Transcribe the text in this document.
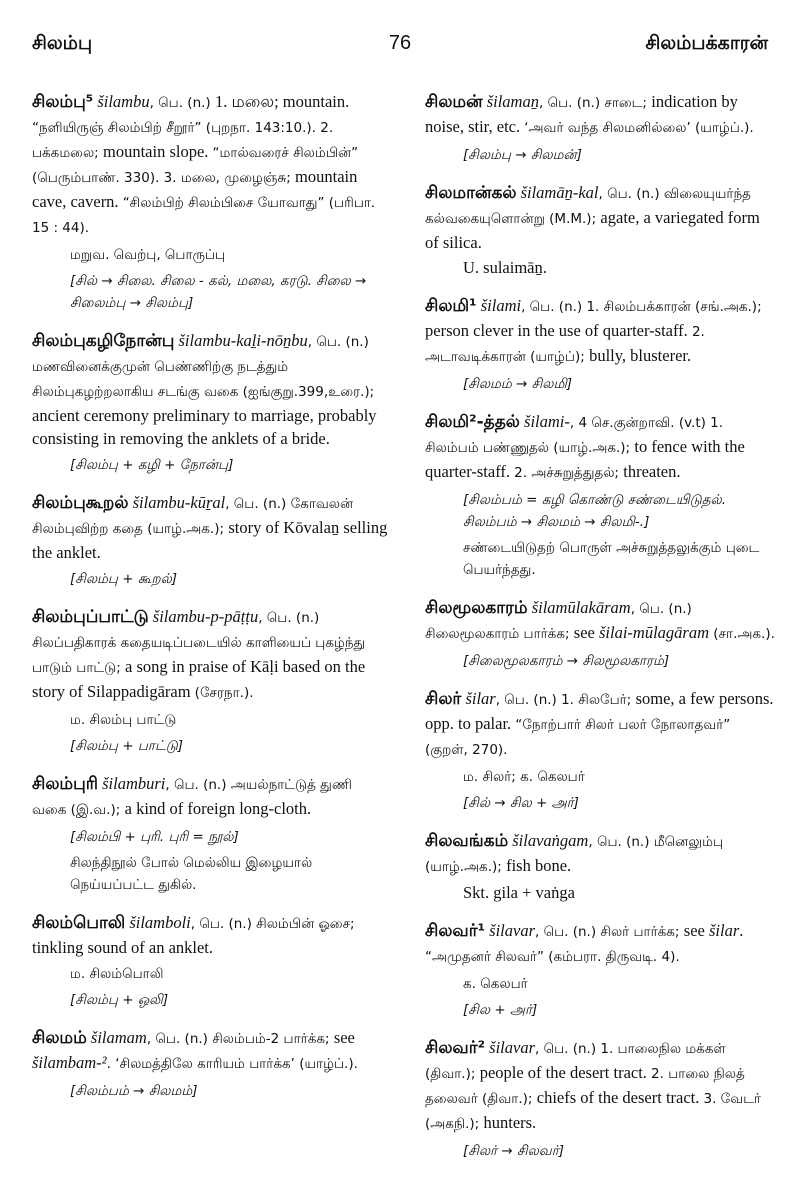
சிலம்பு	76	சிலம்பக்காரன்

சிலம்பு⁵ šilambu, பெ. (n.) 1. மலை; mountain. “நளியிருஞ் சிலம்பிற் சீறூர்” (புறநா. 143:10.). 2. பக்கமலை; mountain slope. “மால்வரைச் சிலம்பின்” (பெரும்பாண். 330). 3. மலை, முழைஞ்சு; mountain cave, cavern. “சிலம்பிற் சிலம்பிசை யோவாது” (பரிபா. 15 : 44).

மறுவ. வெற்பு, பொருப்பு
[சில் → சிலை. சிலை - கல், மலை, கரடு. சிலை → சிலைம்பு → சிலம்பு]

சிலம்புகழிநோன்பு šilambu-kaḻi-nōṉbu, பெ. (n.) மணவினைக்குமுன் பெண்ணிற்கு நடத்தும் சிலம்புகழற்றலாகிய சடங்கு வகை (ஐங்குறு.399,உரை.); ancient ceremony preliminary to marriage, probably consisting in removing the anklets of a bride.

[சிலம்பு + கழி + நோன்பு]

சிலம்புகூறல் šilambu-kūṟal, பெ. (n.) கோவலன் சிலம்புவிற்ற கதை (யாழ்.அக.); story of Kōvalaṉ selling the anklet.

[சிலம்பு + கூறல்]

சிலம்புப்பாட்டு šilambu-p-pāṭṭu, பெ. (n.) சிலப்பதிகாரக் கதையடிப்படையில் காளியைப் புகழ்ந்து பாடும் பாட்டு; a song in praise of Kāḷi based on the story of Silappadigāram (சேரநா.).

ம. சிலம்பு பாட்டு
[சிலம்பு + பாட்டு]

சிலம்புரி šilamburi, பெ. (n.) அயல்நாட்டுத் துணி வகை (இ.வ.); a kind of foreign long-cloth.

[சிலம்பி + புரி. புரி = நூல்]
சிலந்திநூல் போல் மெல்லிய இழையால் நெய்யப்பட்ட துகில்.

சிலம்பொலி šilamboli, பெ. (n.) சிலம்பின் ஓசை; tinkling sound of an anklet.

ம. சிலம்பொலி
[சிலம்பு + ஒலி]

சிலமம் šilamam, பெ. (n.) சிலம்பம்-2 பார்க்க; see šilambam-². ‘சிலமத்திலே காரியம் பார்க்க’ (யாழ்ப்.).

[சிலம்பம் → சிலமம்]

சிலமன் šilamaṉ, பெ. (n.) சாடை; indication by noise, stir, etc. ‘அவர் வந்த சிலமனில்லை’ (யாழ்ப்.).

[சிலம்பு → சிலமன்]

சிலமான்கல் šilamāṉ-kal, பெ. (n.) விலையுயர்ந்த கல்வகையுளொன்று (M.M.); agate, a variegated form of silica.

U. sulaimāṉ.

சிலமி¹ šilami, பெ. (n.) 1. சிலம்பக்காரன் (சங்.அக.); person clever in the use of quarter-staff. 2. அடாவடிக்காரன் (யாழ்ப்); bully, blusterer.

[சிலமம் → சிலமி]

சிலமி²-த்தல் šilami-, 4 செ.குன்றாவி. (v.t) 1. சிலம்பம் பண்ணுதல் (யாழ்.அக.); to fence with the quarter-staff. 2. அச்சுறுத்துதல்; threaten.

[சிலம்பம் = கழி கொண்டு சண்டையிடுதல். சிலம்பம் → சிலமம் → சிலமி-.]
சண்டையிடுதற் பொருள் அச்சுறுத்தலுக்கும் புடை பெயர்ந்தது.

சிலமூலகாரம் šilamūlakāram, பெ. (n.) சிலைமூலகாரம் பார்க்க; see šilai-mūlagāram (சா.அக.).

[சிலைமூலகாரம் → சிலமூலகாரம்]

சிலர் šilar, பெ. (n.) 1. சிலபேர்; some, a few persons. opp. to palar. “நோற்பார் சிலர் பலர் நோலாதவர்” (குறள், 270).

ம. சிலர்; க. கெலபர்
[சில் → சில + அர்]

சிலவங்கம் šilavaṅgam, பெ. (n.) மீனெலும்பு (யாழ்.அக.); fish bone.

Skt. gila + vaṅga

சிலவர்¹ šilavar, பெ. (n.) சிலர் பார்க்க; see šilar. “அமுதனர் சிலவர்” (கம்பரா. திருவடி. 4).

க. கெலபர்
[சில + அர்]

சிலவர்² šilavar, பெ. (n.) 1. பாலைநில மக்கள் (திவா.); people of the desert tract. 2. பாலை நிலத் தலைவர் (திவா.); chiefs of the desert tract. 3. வேடர் (அகநி.); hunters.

[சிலர் → சிலவர்]
